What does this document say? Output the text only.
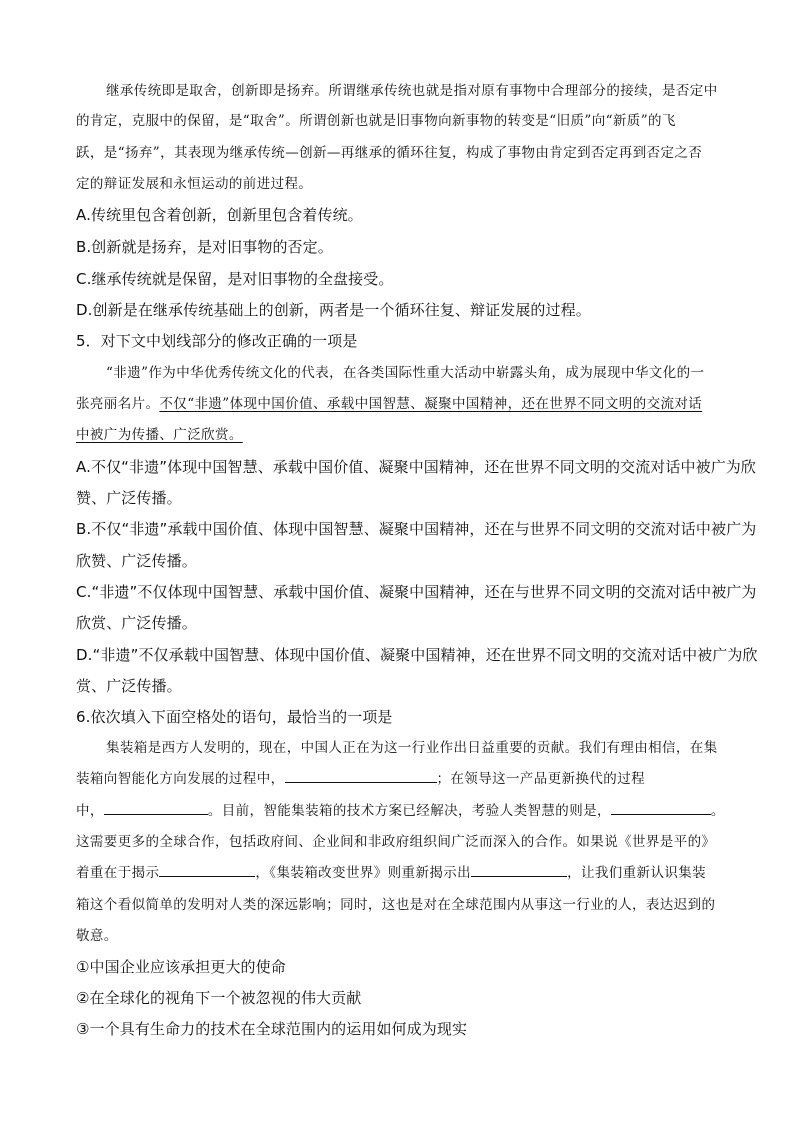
继承传统即是取舍，创新即是扬弃。所谓继承传统也就是指对原有事物中合理部分的接续，是否定中
的肯定，克服中的保留，是“取舍”。所谓创新也就是旧事物向新事物的转变是“旧质”向“新质”的飞
跃，是“扬弃”，其表现为继承传统—创新—再继承的循环往复，构成了事物由肯定到否定再到否定之否
定的辩证发展和永恒运动的前进过程。
A.传统里包含着创新，创新里包含着传统。
B.创新就是扬弃，是对旧事物的否定。
C.继承传统就是保留，是对旧事物的全盘接受。
D.创新是在继承传统基础上的创新，两者是一个循环往复、辩证发展的过程。
5．对下文中划线部分的修改正确的一项是
“非遗”作为中华优秀传统文化的代表，在各类国际性重大活动中崭露头角，成为展现中华文化的一
张亮丽名片。不仅“非遗”体现中国价值、承载中国智慧、凝聚中国精神，还在世界不同文明的交流对话
中被广为传播、广泛欣赏。
A.不仅“非遗”体现中国智慧、承载中国价值、凝聚中国精神，还在世界不同文明的交流对话中被广为欣
赞、广泛传播。
B.不仅“非遗”承载中国价值、体现中国智慧、凝聚中国精神，还在与世界不同文明的交流对话中被广为
欣赞、广泛传播。
C.“非遗”不仅体现中国智慧、承载中国价值、凝聚中国精神，还在与世界不同文明的交流对话中被广为
欣赏、广泛传播。
D.“非遗”不仅承载中国智慧、体现中国价值、凝聚中国精神，还在世界不同文明的交流对话中被广为欣
赏、广泛传播。
6.依次填入下面空格处的语句，最恰当的一项是
集装箱是西方人发明的，现在，中国人正在为这一行业作出日益重要的贡献。我们有理由相信，在集
装箱向智能化方向发展的过程中，	；在领导这一产品更新换代的过程
中，	。目前，智能集装箱的技术方案已经解决，考验人类智慧的则是，	。
这需要更多的全球合作，包括政府间、企业间和非政府组织间广泛而深入的合作。如果说《世界是平的》
着重在于揭示	，《集装箱改变世界》则重新揭示出	，让我们重新认识集装
箱这个看似简单的发明对人类的深远影响；同时，这也是对在全球范围内从事这一行业的人，表达迟到的
敬意。
①中国企业应该承担更大的使命
②在全球化的视角下一个被忽视的伟大贡献
③一个具有生命力的技术在全球范围内的运用如何成为现实
